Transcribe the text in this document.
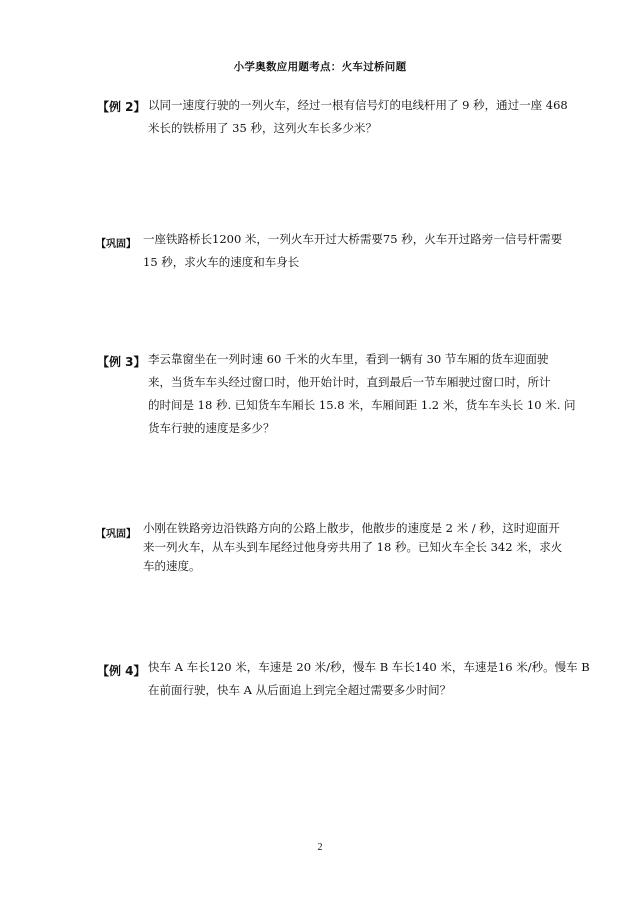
小学奥数应用题考点：火车过桥问题
【例 2】 以同一速度行驶的一列火车，经过一根有信号灯的电线杆用了 9 秒，通过一座 468
米长的铁桥用了 35 秒，这列火车长多少米？
【巩固】 一座铁路桥长1200 米，一列火车开过大桥需要75 秒，火车开过路旁一信号杆需要
15 秒，求火车的速度和车身长
【例 3】 李云靠窗坐在一列时速 60 千米的火车里，看到一辆有 30 节车厢的货车迎面驶
来，当货车车头经过窗口时，他开始计时，直到最后一节车厢驶过窗口时，所计
的时间是 18 秒. 已知货车车厢长 15.8 米，车厢间距 1.2 米，货车车头长 10 米. 问
货车行驶的速度是多少？
【巩固】 小刚在铁路旁边沿铁路方向的公路上散步，他散步的速度是 2 米 / 秒，这时迎面开
来一列火车，从车头到车尾经过他身旁共用了 18 秒。已知火车全长 342 米，求火
车的速度。
【例 4】 快车 A 车长120 米，车速是 20 米/秒，慢车 B 车长140 米，车速是16 米/秒。慢车 B
在前面行驶，快车 A 从后面追上到完全超过需要多少时间？
2
